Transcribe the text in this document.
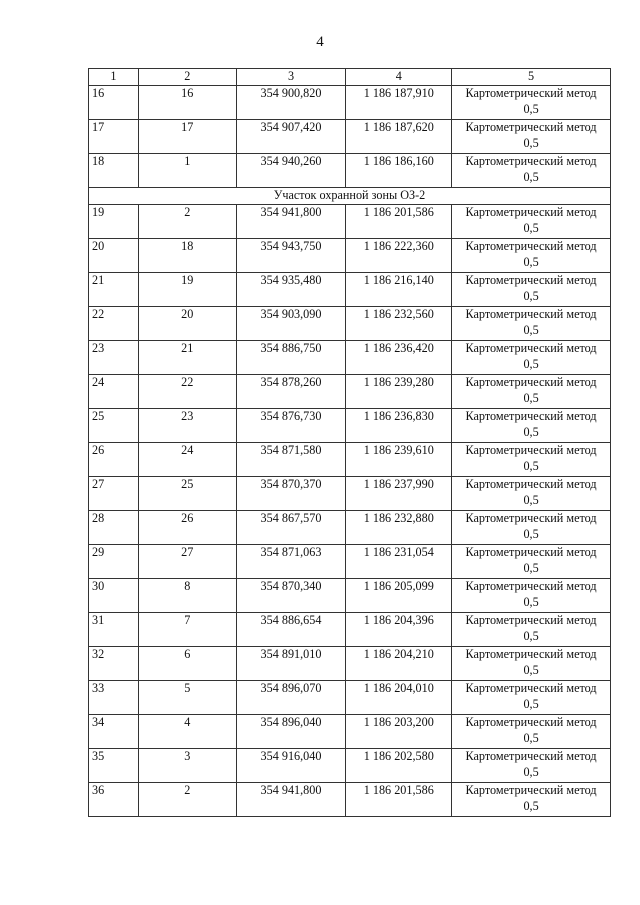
4
1	2	3	4	5
16	16	354 900,820	1 186 187,910	Картометрический метод
0,5

17	17	354 907,420	1 186 187,620	Картометрический метод
0,5

18	1	354 940,260	1 186 186,160	Картометрический метод
0,5

Участок охранной зоны ОЗ-2				
19	2	354 941,800	1 186 201,586	Картометрический метод
0,5

20	18	354 943,750	1 186 222,360	Картометрический метод
0,5

21	19	354 935,480	1 186 216,140	Картометрический метод
0,5

22	20	354 903,090	1 186 232,560	Картометрический метод
0,5

23	21	354 886,750	1 186 236,420	Картометрический метод
0,5

24	22	354 878,260	1 186 239,280	Картометрический метод
0,5

25	23	354 876,730	1 186 236,830	Картометрический метод
0,5

26	24	354 871,580	1 186 239,610	Картометрический метод
0,5

27	25	354 870,370	1 186 237,990	Картометрический метод
0,5

28	26	354 867,570	1 186 232,880	Картометрический метод
0,5

29	27	354 871,063	1 186 231,054	Картометрический метод
0,5

30	8	354 870,340	1 186 205,099	Картометрический метод
0,5

31	7	354 886,654	1 186 204,396	Картометрический метод
0,5

32	6	354 891,010	1 186 204,210	Картометрический метод
0,5

33	5	354 896,070	1 186 204,010	Картометрический метод
0,5

34	4	354 896,040	1 186 203,200	Картометрический метод
0,5

35	3	354 916,040	1 186 202,580	Картометрический метод
0,5

36	2	354 941,800	1 186 201,586	Картометрический метод
0,5
